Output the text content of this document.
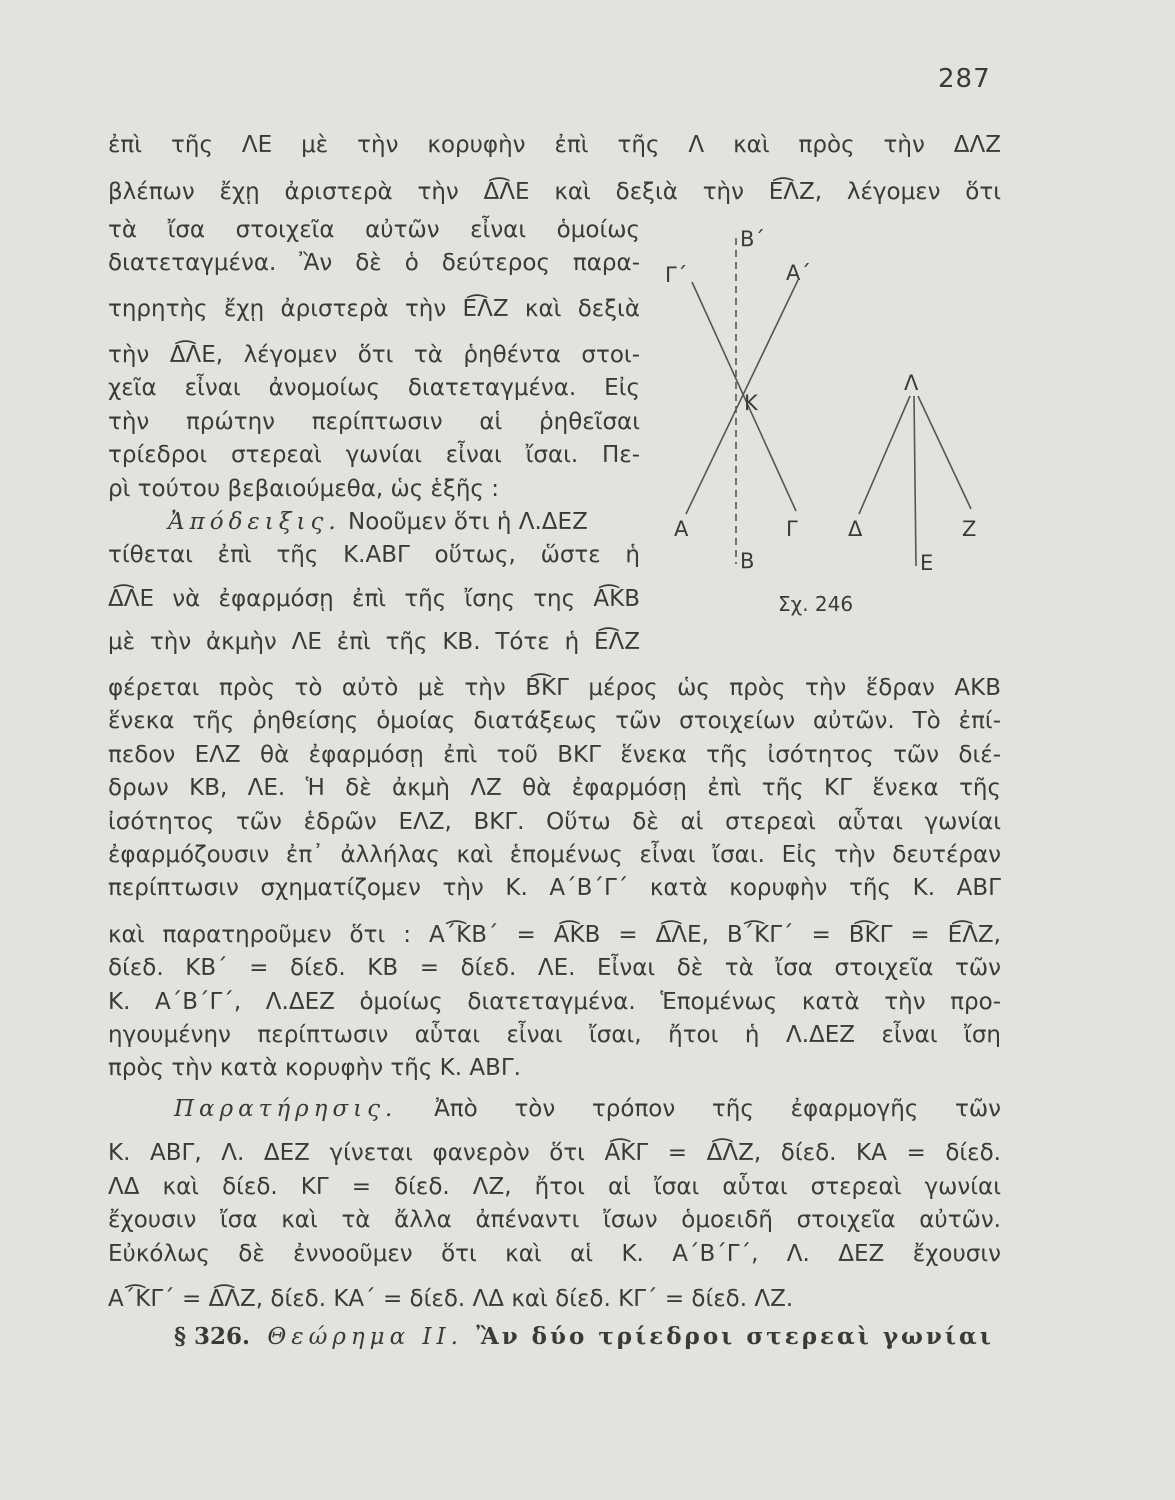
287
ἐπὶ τῆς ΛΕ μὲ τὴν κορυφὴν ἐπὶ τῆς Λ καὶ πρὸς τὴν ΔΛΖ
βλέπων ἔχῃ ἀριστερὰ τὴν Δ͡ΛΕ καὶ δεξιὰ τὴν Ε͡ΛΖ, λέγομεν ὅτι
τὰ ἴσα στοιχεῖα αὐτῶν εἶναι ὁμοίως
διατεταγμένα. Ἂν δὲ ὁ δεύτερος παρα-
τηρητὴς ἔχῃ ἀριστερὰ τὴν Ε͡ΛΖ καὶ δεξιὰ
τὴν Δ͡ΛΕ, λέγομεν ὅτι τὰ ῥηθέντα στοι-
χεῖα εἶναι ἀνομοίως διατεταγμένα. Εἰς
τὴν πρώτην περίπτωσιν αἱ ῥηθεῖσαι
τρίεδροι στερεαὶ γωνίαι εἶναι ἴσαι. Πε-
ρὶ τούτου βεβαιούμεθα, ὡς ἑξῆς :
Ἀπόδειξις. Νοοῦμεν ὅτι ἡ Λ.ΔΕΖ
τίθεται ἐπὶ τῆς Κ.ΑΒΓ οὕτως, ὥστε ἡ
Δ͡ΛΕ νὰ ἐφαρμόσῃ ἐπὶ τῆς ἴσης της Α͡ΚΒ
μὲ τὴν ἀκμὴν ΛΕ ἐπὶ τῆς ΚΒ. Τότε ἡ Ε͡ΛΖ
φέρεται πρὸς τὸ αὐτὸ μὲ τὴν Β͡ΚΓ μέρος ὡς πρὸς τὴν ἕδραν ΑΚΒ
ἕνεκα τῆς ῥηθείσης ὁμοίας διατάξεως τῶν στοιχείων αὐτῶν. Τὸ ἐπί-
πεδον ΕΛΖ θὰ ἐφαρμόσῃ ἐπὶ τοῦ ΒΚΓ ἕνεκα τῆς ἰσότητος τῶν διέ-
δρων ΚΒ, ΛΕ. Ἡ δὲ ἀκμὴ ΛΖ θὰ ἐφαρμόσῃ ἐπὶ τῆς ΚΓ ἕνεκα τῆς
ἰσότητος τῶν ἑδρῶν ΕΛΖ, ΒΚΓ. Οὕτω δὲ αἱ στερεαὶ αὗται γωνίαι
ἐφαρμόζουσιν ἐπ᾽ ἀλλήλας καὶ ἑπομένως εἶναι ἴσαι. Εἰς τὴν δευτέραν
περίπτωσιν σχηματίζομεν τὴν Κ. Α΄Β΄Γ΄ κατὰ κορυφὴν τῆς Κ. ΑΒΓ
καὶ παρατηροῦμεν ὅτι : Α΄͡ΚΒ΄ = Α͡ΚΒ = Δ͡ΛΕ, Β΄͡ΚΓ΄ = Β͡ΚΓ = Ε͡ΛΖ,
δίεδ. ΚΒ΄ = δίεδ. ΚΒ = δίεδ. ΛΕ. Εἶναι δὲ τὰ ἴσα στοιχεῖα τῶν
Κ. Α΄Β΄Γ΄, Λ.ΔΕΖ ὁμοίως διατεταγμένα. Ἑπομένως κατὰ τὴν προ-
ηγουμένην περίπτωσιν αὗται εἶναι ἴσαι, ἤτοι ἡ Λ.ΔΕΖ εἶναι ἴση
πρὸς τὴν κατὰ κορυφὴν τῆς Κ. ΑΒΓ.
Παρατήρησις. Ἀπὸ τὸν τρόπον τῆς ἐφαρμογῆς τῶν
Κ. ΑΒΓ, Λ. ΔΕΖ γίνεται φανερὸν ὅτι Α͡ΚΓ = Δ͡ΛΖ, δίεδ. ΚΑ = δίεδ.
ΛΔ καὶ δίεδ. ΚΓ = δίεδ. ΛΖ, ἤτοι αἱ ἴσαι αὗται στερεαὶ γωνίαι
ἔχουσιν ἴσα καὶ τὰ ἄλλα ἀπέναντι ἴσων ὁμοειδῆ στοιχεῖα αὐτῶν.
Εὐκόλως δὲ ἐννοοῦμεν ὅτι καὶ αἱ Κ. Α΄Β΄Γ΄, Λ. ΔΕΖ ἔχουσιν
Α΄͡ΚΓ΄ = Δ͡ΛΖ, δίεδ. ΚΑ΄ = δίεδ. ΛΔ καὶ δίεδ. ΚΓ΄ = δίεδ. ΛΖ.
§ 326. Θεώρημα ΙΙ. Ἂν δύο τρίεδροι στερεαὶ γωνίαι
Β΄
Γ΄	Α΄
Κ
Α
Β
Γ
Λ
Δ
Ε
Ζ
Σχ. 246
